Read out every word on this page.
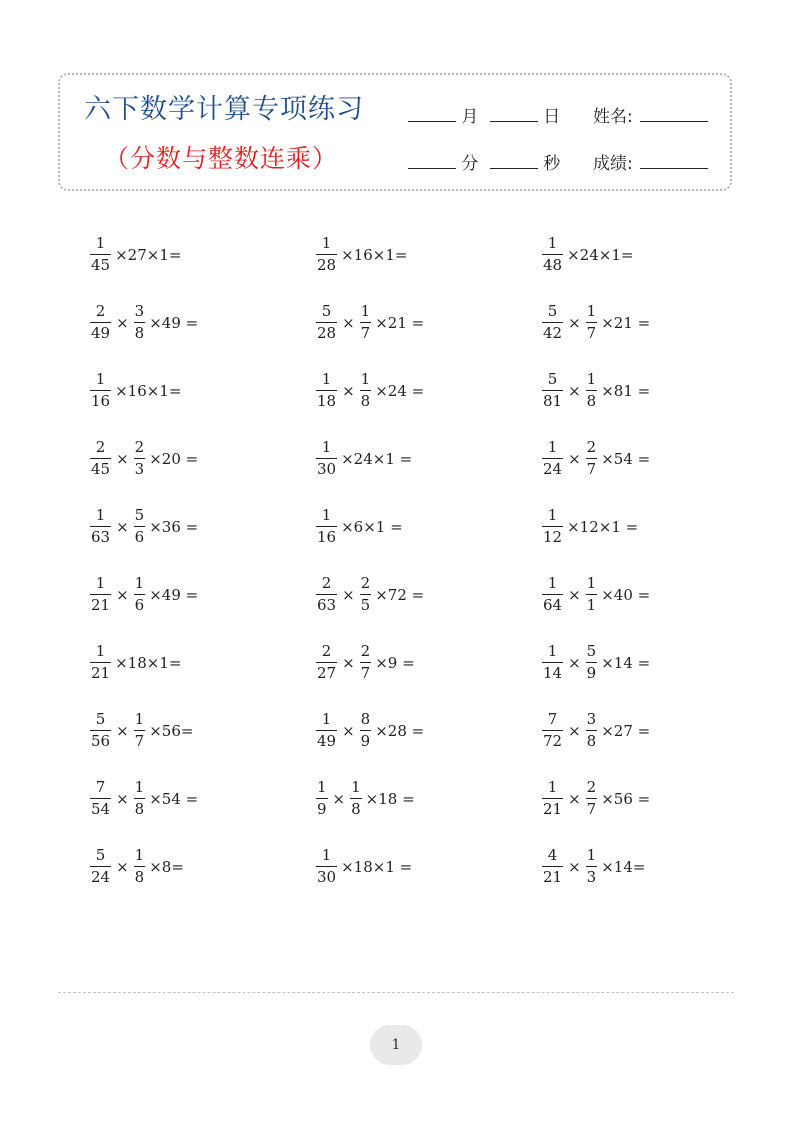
六下数学计算专项练习
（分数与整数连乘）
月	日 姓名:
分	秒 成绩:
$\frac{1}{45} \times 27\times 1=$	$\frac{1}{28} \times 16\times 1=$	$\frac{1}{48} \times 24\times 1=$
$\frac{2}{49} \times \frac{3}{8} \times 49$ =	$\frac{5}{28} \times \frac{1}{7} \times 21$ =	$\frac{5}{42} \times \frac{1}{7} \times 21$ =
$\frac{1}{16} \times 16\times 1=$	$\frac{1}{18} \times \frac{1}{8} \times 24$ =	$\frac{5}{81} \times \frac{1}{8} \times 81$ =
$\frac{2}{45} \times \frac{2}{3} \times 20$ =	$\frac{1}{30} \times 24\times 1$ =	$\frac{1}{24} \times \frac{2}{7} \times 54$ =
$\frac{1}{63} \times \frac{5}{6} \times 36$ =	$\frac{1}{16} \times 6\times 1$ =	$\frac{1}{12} \times 12\times 1$ =
$\frac{1}{21} \times \frac{1}{6} \times 49$ =	$\frac{2}{63} \times \frac{2}{5} \times 72$ =	$\frac{1}{64} \times \frac{1}{1} \times 40$ =
$\frac{1}{21} \times 18\times 1=$	$\frac{2}{27} \times \frac{2}{7} \times 9$ =	$\frac{1}{14} \times \frac{5}{9} \times 14$ =
$\frac{5}{56} \times \frac{1}{7} \times 56=$	$\frac{1}{49} \times \frac{8}{9} \times 28$ =	$\frac{7}{72} \times \frac{3}{8} \times 27$ =
$\frac{7}{54} \times \frac{1}{8} \times 54$ =	$\frac{1}{9} \times \frac{1}{8} \times 18$ =	$\frac{1}{21} \times \frac{2}{7} \times 56$ =
$\frac{5}{24} \times \frac{1}{8} \times 8=$	$\frac{1}{30} \times 18\times 1$ =	$\frac{4}{21} \times \frac{1}{3} \times 14=$
1
